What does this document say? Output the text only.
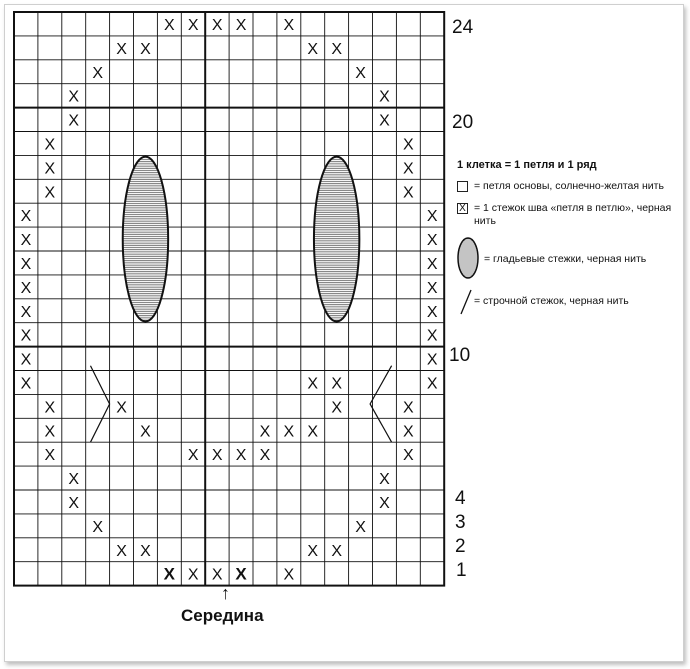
X X X X X
X X	X X
X	X
X	X
X	X
X	X
X	X
X	X
X	X
X	X
X	X
X	X
X	X
X	X
X	X
X	X X	X
X	X	X	X
X	X	X X X	X
X	X X X X	X
X	X
X	X
X	X
X X	X X
X X X X X
24
20
10
4
3
2
1
↑
Середина
1 клетка = 1 петля и 1 ряд
= петля основы, солнечно-желтая нить
X = 1 стежок шва «петля в петлю», черная нить
= гладьевые стежки, черная нить
= строчной стежок, черная нить
